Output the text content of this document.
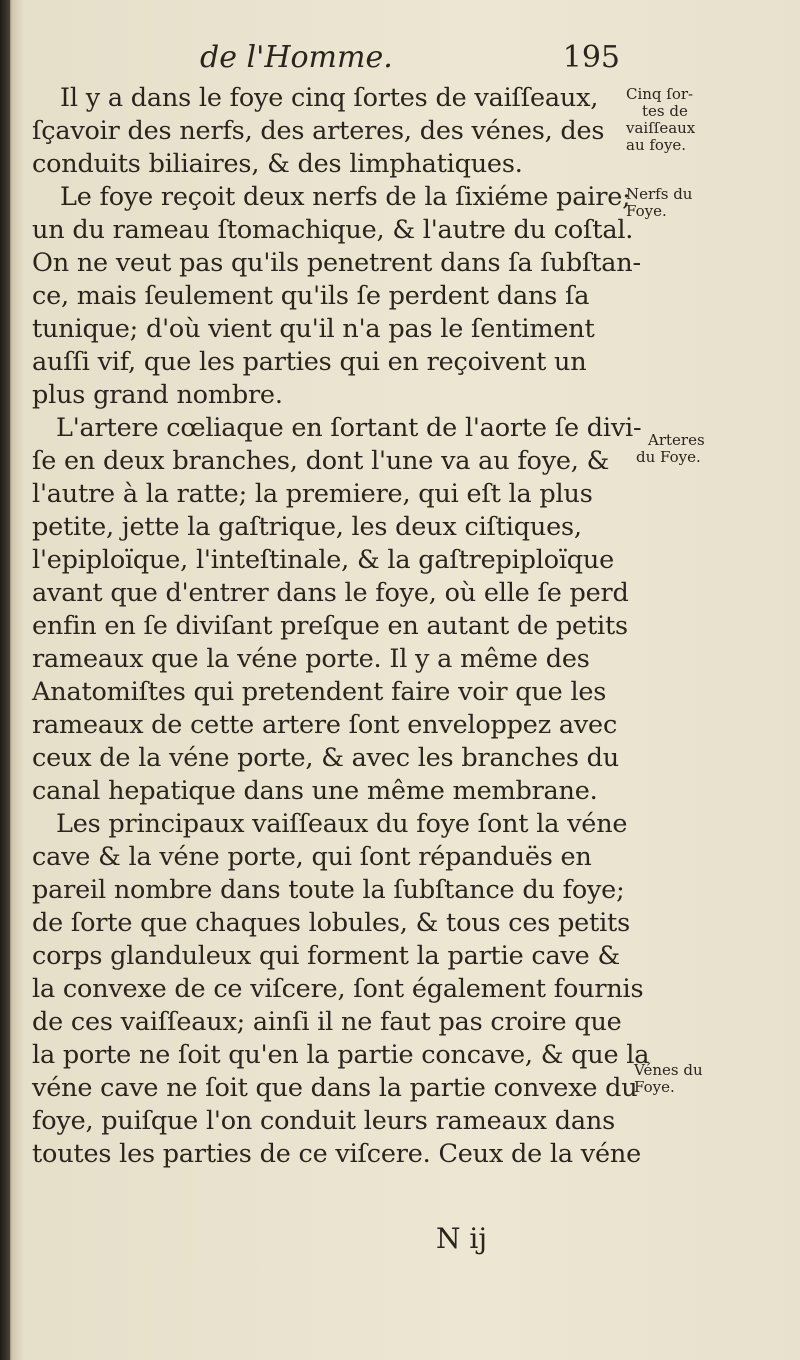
de l'Homme.	195
Il y a dans le foye cinq ſortes de vaiſſeaux,
ſçavoir des nerfs, des arteres, des vénes, des
conduits biliaires, & des limphatiques.
Le foye reçoit deux nerfs de la ſixiéme paire;
un du rameau ſtomachique, & l'autre du coſtal.
On ne veut pas qu'ils penetrent dans ſa ſubſtan-
ce, mais ſeulement qu'ils ſe perdent dans ſa
tunique; d'où vient qu'il n'a pas le ſentiment
auſſi vif, que les parties qui en reçoivent un
plus grand nombre.
L'artere cœliaque en ſortant de l'aorte ſe divi-
ſe en deux branches, dont l'une va au foye, &
l'autre à la ratte; la premiere, qui eſt la plus
petite, jette la gaſtrique, les deux ciſtiques,
l'epiploïque, l'inteſtinale, & la gaſtrepiploïque
avant que d'entrer dans le foye, où elle ſe perd
enfin en ſe diviſant preſque en autant de petits
rameaux que la véne porte. Il y a même des
Anatomiſtes qui pretendent faire voir que les
rameaux de cette artere ſont enveloppez avec
ceux de la véne porte, & avec les branches du
canal hepatique dans une même membrane.
Les principaux vaiſſeaux du foye ſont la véne
cave & la véne porte, qui ſont répanduës en
pareil nombre dans toute la ſubſtance du foye;
de ſorte que chaques lobules, & tous ces petits
corps glanduleux qui forment la partie cave &
la convexe de ce viſcere, ſont également fournis
de ces vaiſſeaux; ainſi il ne faut pas croire que
la porte ne ſoit qu'en la partie concave, & que la
véne cave ne ſoit que dans la partie convexe du
foye, puiſque l'on conduit leurs rameaux dans
toutes les parties de ce viſcere. Ceux de la véne
Cinq ſor-
tes de
vaiſſeaux
au foye.
Nerfs du
Foye.
Arteres
du Foye.
Vénes du
Foye.
N ij
